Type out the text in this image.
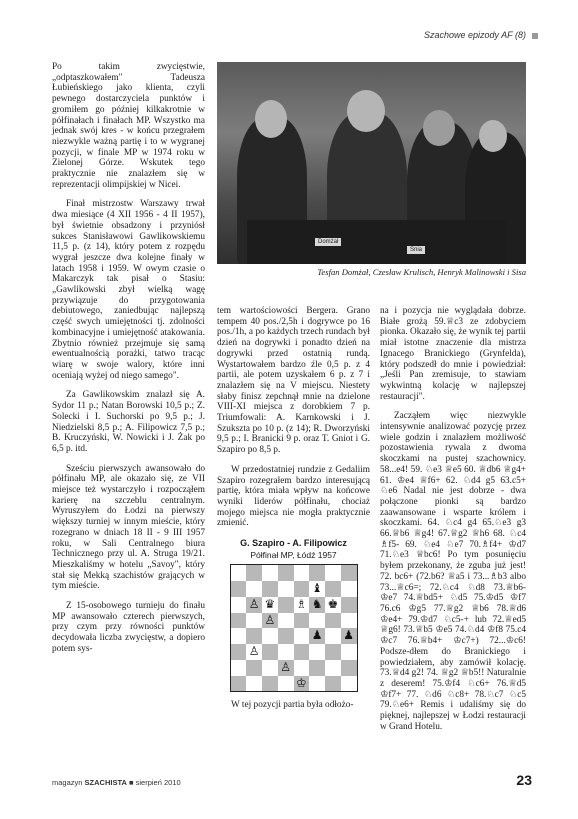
Szachowe epizody AF (8)

Po takim zwycięstwie, „odptaszkowałem" Tadeusza Łubieńskiego jako klienta, czyli pewnego dostarczyciela punktów i gromiłem go później kilkakrotnie w półfinałach i finałach MP. Wszystko ma jednak swój kres - w końcu przegrałem niezwykle ważną partię i to w wygranej pozycji, w finale MP w 1974 roku w Zielonej Górze. Wskutek tego praktycznie nie znalazłem się w reprezentacji olimpijskiej w Nicei.

Finał mistrzostw Warszawy trwał dwa miesiące (4 XII 1956 - 4 II 1957), był świetnie obsadzony i przyniósł sukces Stanisławowi Gawlikowskiemu 11,5 p. (z 14), który potem z rozpędu wygrał jeszcze dwa kolejne finały w latach 1958 i 1959. W owym czasie o Makarczyk tak pisał o Stasiu: „Gawlikowski zbył wielką wagę przywiązuje do przygotowania debiutowego, zaniedbując najlepszą część swych umiejętności tj. zdolności kombinacyjne i umiejętność atakowania. Zbytnio również przejmuje się samą ewentualnością porażki, tatwo tracąc wiarę w swoje walory, które inni oceniają wyżej od niego samego".

Za Gawlikowskim znalazł się A. Sydor 11 p.; Natan Borowski 10,5 p.; Z. Solecki i I. Suchorski po 9,5 p.; J. Niedzielski 8,5 p.; A. Filipowicz 7,5 p.; B. Kruczyński, W. Nowicki i J. Żak po 6,5 p. itd.

Sześciu pierwszych awansowało do półfinału MP, ale okazało się, ze VII miejsce też wystarczyło i rozpocząłem karierę na szczeblu centralnym. Wyruszyłem do Łodzi na pierwszy większy turniej w innym mieście, który rozegrano w dniach 18 II - 9 III 1957 roku, w Sali Centralnego biura Technicznego przy ul. A. Struga 19/21. Mieszkaliśmy w hotelu „Savoy", który stał się Mekką szachistów grających w tym mieście.

Z 15-osobowego turnieju do finału MP awansowało czterech pierwszych, przy czym przy równości punktów decydowała liczba zwycięstw, a dopiero potem sys-

Domżał
Śnia
Tesfan Domżał, Czesław Krulisch, Henryk Malinowski i Sisa

tem wartościowości Bergera. Grano tempem 40 pos./2,5h i dogrywce po 16 pos./1h, a po każdych trzech rundach był dzień na dogrywki i ponadto dzień na dogrywki przed ostatnią rundą. Wystartowałem bardzo źle 0,5 p. z 4 partii, ale potem uzyskałem 6 p. z 7 i znalazłem się na V miejscu. Niestety słaby finisz zepchnął mnie na dzielone VIII-XI miejsca z dorobkiem 7 p. Triumfowali: A. Karnkowski i J. Szukszta po 10 p. (z 14); R. Dworzyński 9,5 p.; I. Branicki 9 p. oraz T. Gniot i G. Szapiro po 8,5 p.

W przedostatniej rundzie z Gedaliim Szapiro rozegrałem bardzo interesującą partię, która miała wpływ na końcowe wyniki liderów półfinału, chociaż mojego miejsca nie mogła praktycznie zmienić.

G. Szapiro - A. Filipowicz
Półfinał MP, Łódź 1957
♝
♙ ♛ ♗ ♞ ♚
♙
♟ ♟
♙
♙
♔

W tej pozycji partia była odłożo-

na i pozycja nie wyglądała dobrze. Białe grożą 59.♕c3 ze zdobyciem pionka. Okazało się, że wynik tej partii miał istotne znaczenie dla mistrza Ignacego Branickiego (Grynfelda), który podszedł do mnie i powiedział: „Jeśli Pan zremisuje, to stawiam wykwintną kolację w najlepszej restauracji".

Zacząłem więc niezwykle intensywnie analizować pozycję przez wiele godzin i znalazłem możliwość pozostawienia rywala z dwoma skoczkami na pustej szachownicy. 58...e4! 59. ♘e3 ♕e5 60. ♕db6 ♕g4+ 61. ♔e4 ♕f6+ 62. ♘d4 g5 63.c5+ ♘e6 Nadal nie jest dobrze - dwa połączone pionki są bardzo zaawansowane i wsparte królem i skoczkami. 64. ♘c4 g4 65.♘e3 g3 66.♕b6 ♕g4! 67.♕g2 ♕h6 68. ♘c4 ♗f5- 69. ♘e4 ♘e7 70.♗f4+ ♔d7 71.♘e3 ♕bc6! Po tym posunięciu byłem przekonany, że zguba już jest! 72. bc6+ (72.b6? ♕a5 i 73...♗b3 albo 73...♕c6=; 72.♘c4 ♘d8 73.♕b6- ♔e7 74.♕bd5+ ♘d5 75.♔d5 ♔f7 76.c6 ♔g5 77.♕g2 ♕b6 78.♕d6 ♔e4+ 79.♔d7 ♘c5-+ lub 72.♕ed5 ♕g6! 73.♕b5 ♔e5 74.♘d4 ♔f8 75.c4 ♔c7 76.♕b4+ ♔c7+) 72...♔c6! Podsze-dłem do Branickiego i powiedziałem, aby zamówił kolację. 73.♕d4 g2! 74. ♕g2 ♕b5!! Naturalnie z deserem! 75.♔f4 ♘c6+ 76.♕d5 ♔f7+ 77. ♘d6 ♘c8+ 78.♘c7 ♘c5 79.♘e6+ Remis i udaliśmy się do pięknej, najlepszej w Łodzi restauracji w Grand Hotelu.

magazyn SZACHISTA ■ sierpień 2010	23
